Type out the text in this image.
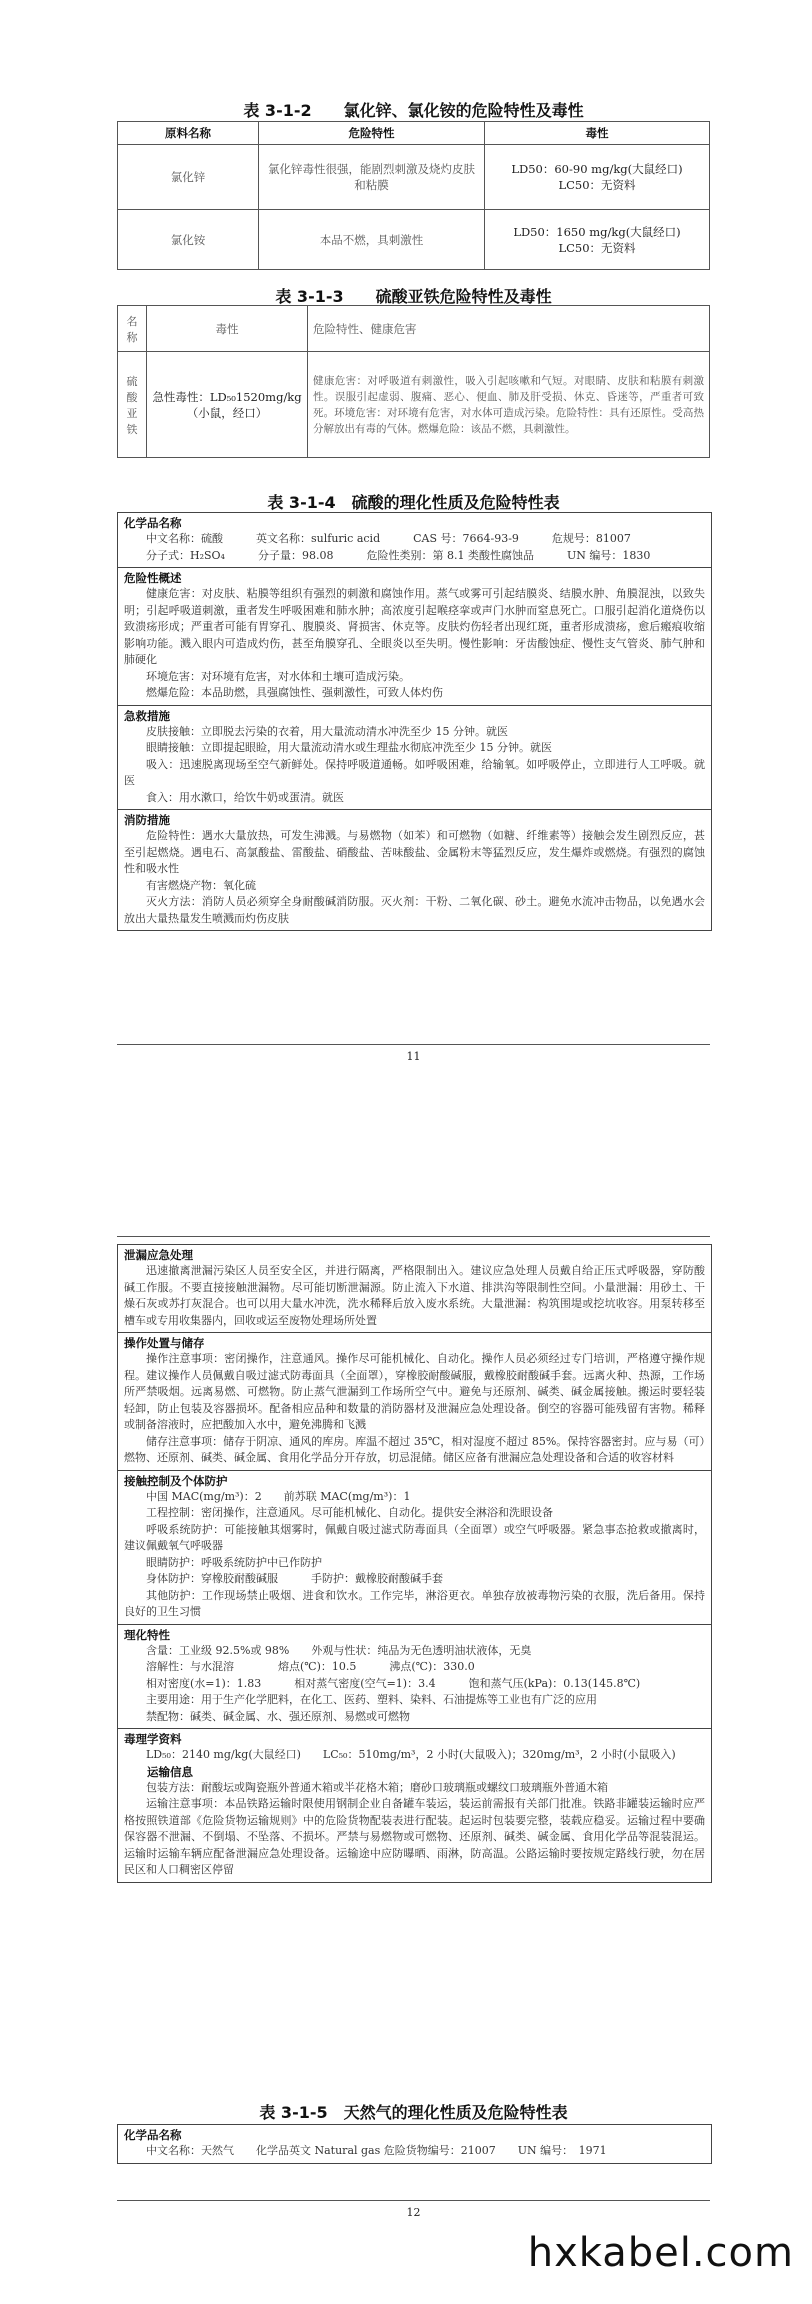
表 3-1-2　　氯化锌、氯化铵的危险特性及毒性
原料名称	危险特性	毒性
氯化锌	氯化锌毒性很强，能剧烈刺激及烧灼皮肤和粘膜	LD50：60-90 mg/kg(大鼠经口)
LC50：无资料

氯化铵	本品不燃，具刺激性	LD50：1650 mg/kg(大鼠经口)
LC50：无资料
表 3-1-3　　硫酸亚铁危险特性及毒性
名称	毒性	危险特性、健康危害
硫酸亚铁	急性毒性：LD₅₀1520mg/kg（小鼠，经口）	健康危害：对呼吸道有刺激性，吸入引起咳嗽和气短。对眼睛、皮肤和粘膜有刺激性。误服引起虚弱、腹痛、恶心、便血、肺及肝受损、休克、昏迷等，严重者可致死。环境危害：对环境有危害，对水体可造成污染。危险特性：具有还原性。受高热分解放出有毒的气体。燃爆危险：该品不燃，具刺激性。
表 3-1-4　硫酸的理化性质及危险特性表
化学品名称
中文名称：硫酸　　　英文名称：sulfuric acid　　　CAS 号：7664-93-9　　　危规号：81007
分子式：H₂SO₄　　　分子量：98.08　　　危险性类别：第 8.1 类酸性腐蚀品　　　UN 编号：1830
危险性概述
健康危害：对皮肤、粘膜等组织有强烈的刺激和腐蚀作用。蒸气或雾可引起结膜炎、结膜水肿、角膜混浊，以致失明；引起呼吸道刺激，重者发生呼吸困难和肺水肿；高浓度引起喉痉挛或声门水肿而窒息死亡。口服引起消化道烧伤以致溃疡形成；严重者可能有胃穿孔、腹膜炎、肾损害、休克等。皮肤灼伤轻者出现红斑，重者形成溃疡，愈后瘢痕收缩影响功能。溅入眼内可造成灼伤，甚至角膜穿孔、全眼炎以至失明。慢性影响：牙齿酸蚀症、慢性支气管炎、肺气肿和肺硬化
环境危害：对环境有危害，对水体和土壤可造成污染。
燃爆危险：本品助燃，具强腐蚀性、强刺激性，可致人体灼伤
急救措施
皮肤接触：立即脱去污染的衣着，用大量流动清水冲洗至少 15 分钟。就医
眼睛接触：立即提起眼睑，用大量流动清水或生理盐水彻底冲洗至少 15 分钟。就医
吸入：迅速脱离现场至空气新鲜处。保持呼吸道通畅。如呼吸困难，给输氧。如呼吸停止，立即进行人工呼吸。就医
食入：用水漱口，给饮牛奶或蛋清。就医
消防措施
危险特性：遇水大量放热，可发生沸溅。与易燃物（如苯）和可燃物（如糖、纤维素等）接触会发生剧烈反应，甚至引起燃烧。遇电石、高氯酸盐、雷酸盐、硝酸盐、苦味酸盐、金属粉末等猛烈反应，发生爆炸或燃烧。有强烈的腐蚀性和吸水性
有害燃烧产物：氧化硫
灭火方法：消防人员必须穿全身耐酸碱消防服。灭火剂：干粉、二氧化碳、砂土。避免水流冲击物品，以免遇水会放出大量热量发生喷溅而灼伤皮肤
11
泄漏应急处理
迅速撤离泄漏污染区人员至安全区，并进行隔离，严格限制出入。建议应急处理人员戴自给正压式呼吸器，穿防酸碱工作服。不要直接接触泄漏物。尽可能切断泄漏源。防止流入下水道、排洪沟等限制性空间。小量泄漏：用砂土、干燥石灰或苏打灰混合。也可以用大量水冲洗，洗水稀释后放入废水系统。大量泄漏：构筑围堤或挖坑收容。用泵转移至槽车或专用收集器内，回收或运至废物处理场所处置
操作处置与储存
操作注意事项：密闭操作，注意通风。操作尽可能机械化、自动化。操作人员必须经过专门培训，严格遵守操作规程。建议操作人员佩戴自吸过滤式防毒面具（全面罩），穿橡胶耐酸碱服，戴橡胶耐酸碱手套。远离火种、热源，工作场所严禁吸烟。远离易燃、可燃物。防止蒸气泄漏到工作场所空气中。避免与还原剂、碱类、碱金属接触。搬运时要轻装轻卸，防止包装及容器损坏。配备相应品种和数量的消防器材及泄漏应急处理设备。倒空的容器可能残留有害物。稀释或制备溶液时，应把酸加入水中，避免沸腾和飞溅
储存注意事项：储存于阴凉、通风的库房。库温不超过 35℃，相对湿度不超过 85%。保持容器密封。应与易（可）燃物、还原剂、碱类、碱金属、食用化学品分开存放，切忌混储。储区应备有泄漏应急处理设备和合适的收容材料
接触控制及个体防护
中国 MAC(mg/m³)：2　　前苏联 MAC(mg/m³)：1
工程控制：密闭操作，注意通风。尽可能机械化、自动化。提供安全淋浴和洗眼设备
呼吸系统防护：可能接触其烟雾时，佩戴自吸过滤式防毒面具（全面罩）或空气呼吸器。紧急事态抢救或撤离时，建议佩戴氧气呼吸器
眼睛防护：呼吸系统防护中已作防护
身体防护：穿橡胶耐酸碱服　　　手防护：戴橡胶耐酸碱手套
其他防护：工作现场禁止吸烟、进食和饮水。工作完毕，淋浴更衣。单独存放被毒物污染的衣服，洗后备用。保持良好的卫生习惯
理化特性
含量：工业级 92.5%或 98%　　外观与性状：纯品为无色透明油状液体，无臭
溶解性：与水混溶　　　　熔点(℃)：10.5　　　沸点(℃)：330.0
相对密度(水=1)：1.83　　　相对蒸气密度(空气=1)：3.4　　　饱和蒸气压(kPa)：0.13(145.8℃)
主要用途：用于生产化学肥料，在化工、医药、塑料、染料、石油提炼等工业也有广泛的应用
禁配物：碱类、碱金属、水、强还原剂、易燃或可燃物
毒理学资料
LD₅₀：2140 mg/kg(大鼠经口)　　LC₅₀：510mg/m³，2 小时(大鼠吸入)；320mg/m³，2 小时(小鼠吸入)
运输信息
包装方法：耐酸坛或陶瓷瓶外普通木箱或半花格木箱；磨砂口玻璃瓶或螺纹口玻璃瓶外普通木箱
运输注意事项：本品铁路运输时限使用钢制企业自备罐车装运，装运前需报有关部门批准。铁路非罐装运输时应严格按照铁道部《危险货物运输规则》中的危险货物配装表进行配装。起运时包装要完整，装载应稳妥。运输过程中要确保容器不泄漏、不倒塌、不坠落、不损坏。严禁与易燃物或可燃物、还原剂、碱类、碱金属、食用化学品等混装混运。运输时运输车辆应配备泄漏应急处理设备。运输途中应防曝晒、雨淋，防高温。公路运输时要按规定路线行驶，勿在居民区和人口稠密区停留
表 3-1-5　天然气的理化性质及危险特性表
化学品名称
中文名称：天然气　　化学品英文 Natural gas 危险货物编号：21007　　UN 编号：　1971
12
hxkabel.com
